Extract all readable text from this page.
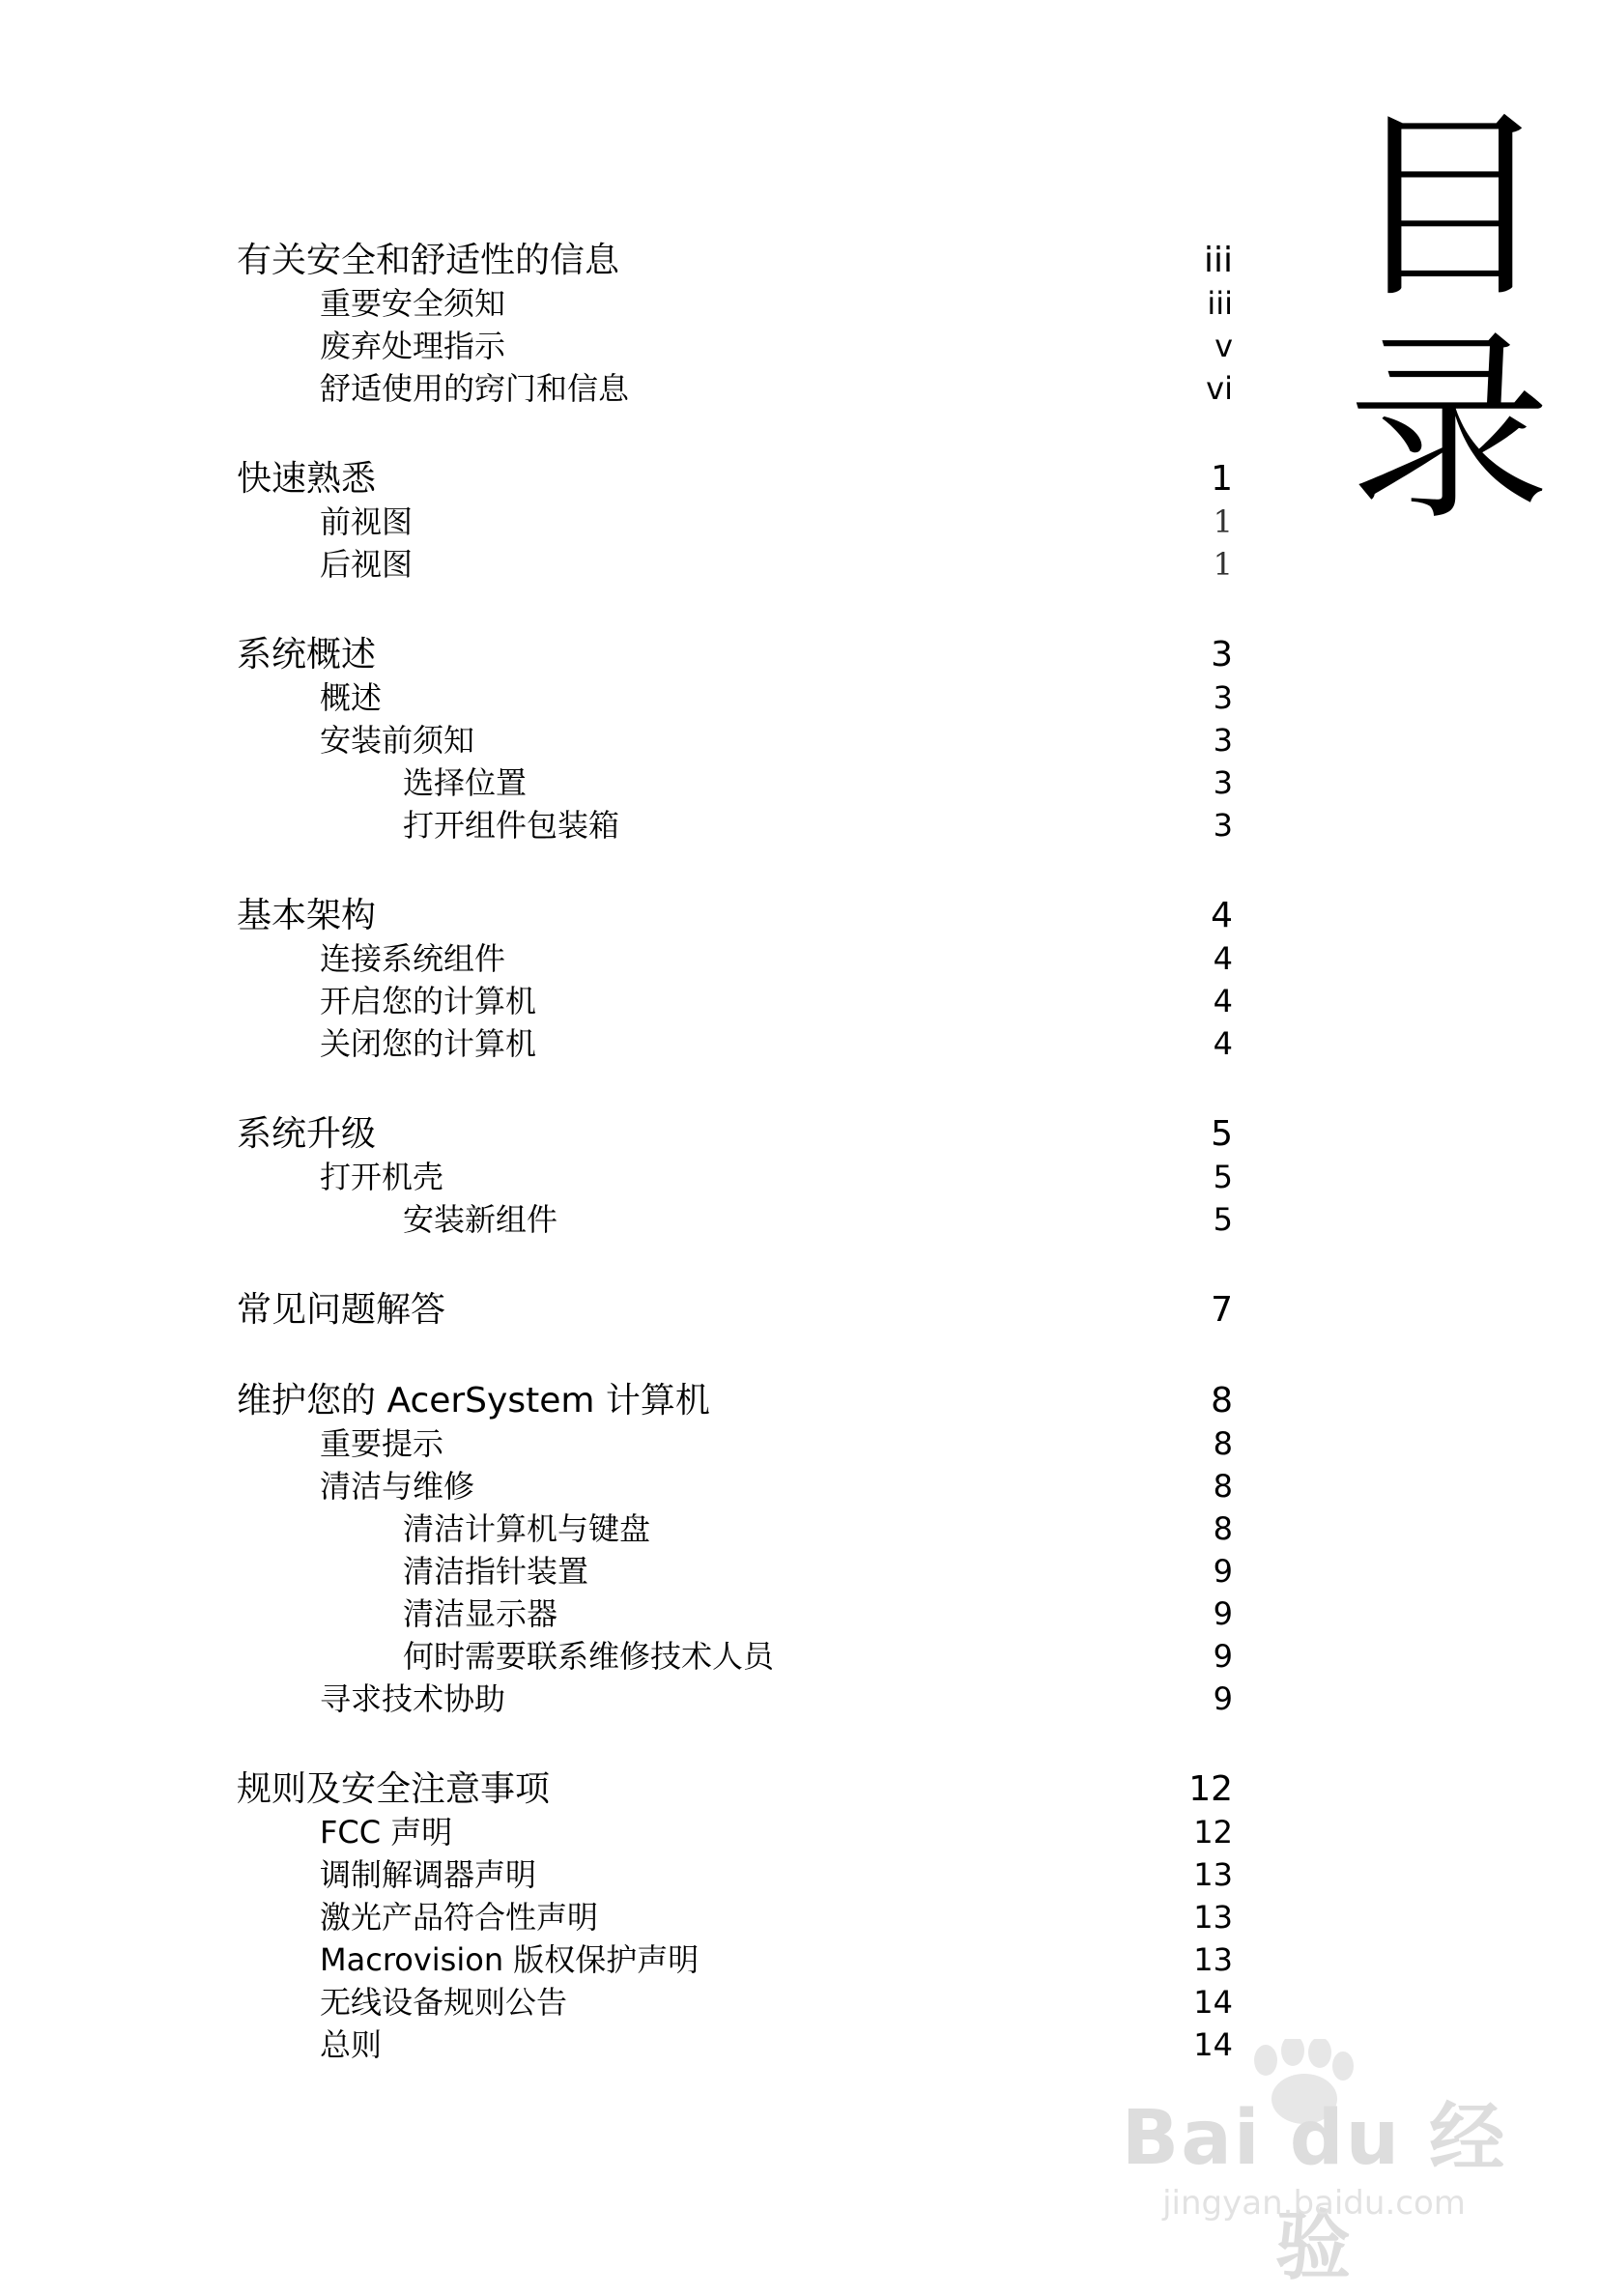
目
录
有关安全和舒适性的信息	iii
重要安全须知	iii
废弃处理指示	v
舒适使用的窍门和信息	vi
快速熟悉	1
前视图	1
后视图	1
系统概述	3
概述	3
安装前须知	3
选择位置	3
打开组件包装箱	3
基本架构	4
连接系统组件	4
开启您的计算机	4
关闭您的计算机	4
系统升级	5
打开机壳	5
安装新组件	5
常见问题解答	7
维护您的 AcerSystem 计算机	8
重要提示	8
清洁与维修	8
清洁计算机与键盘	8
清洁指针装置	9
清洁显示器	9
何时需要联系维修技术人员	9
寻求技术协助	9
规则及安全注意事项	12
FCC 声明	12
调制解调器声明	13
激光产品符合性声明	13
Macrovision 版权保护声明	13
无线设备规则公告	14
总则	14
Bai du 经验
jingyan.baidu.com
